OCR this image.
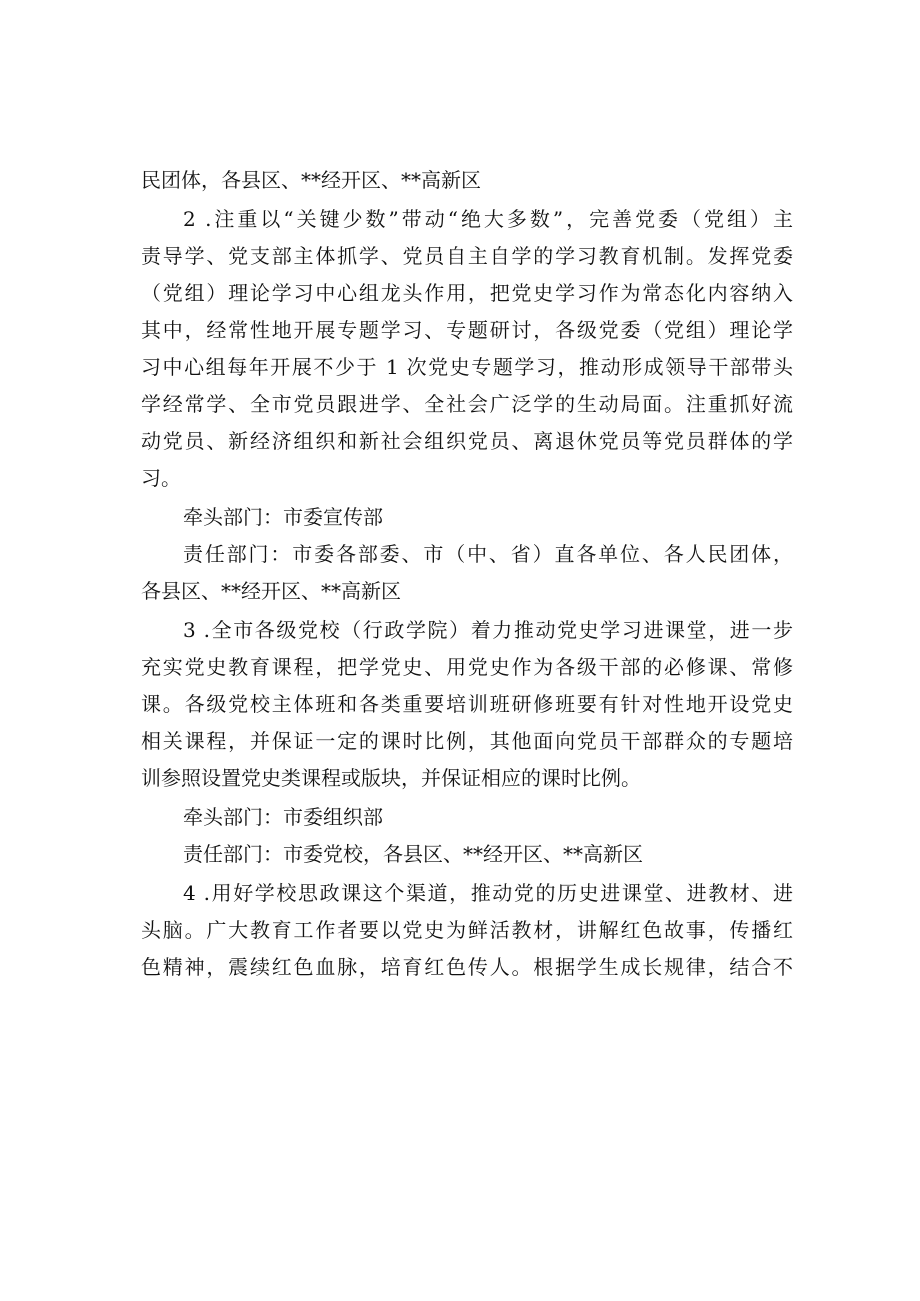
民团体，各县区、**经开区、**高新区
2 .注重以“关键少数”带动“绝大多数”，完善党委（党组）主
责导学、党支部主体抓学、党员自主自学的学习教育机制。发挥党委
（党组）理论学习中心组龙头作用，把党史学习作为常态化内容纳入
其中，经常性地开展专题学习、专题研讨，各级党委（党组）理论学
习中心组每年开展不少于 1 次党史专题学习，推动形成领导干部带头
学经常学、全市党员跟进学、全社会广泛学的生动局面。注重抓好流
动党员、新经济组织和新社会组织党员、离退休党员等党员群体的学
习。
牵头部门：市委宣传部
责任部门：市委各部委、市（中、省）直各单位、各人民团体，
各县区、**经开区、**高新区
3 .全市各级党校（行政学院）着力推动党史学习进课堂，进一步
充实党史教育课程，把学党史、用党史作为各级干部的必修课、常修
课。各级党校主体班和各类重要培训班研修班要有针对性地开设党史
相关课程，并保证一定的课时比例，其他面向党员干部群众的专题培
训参照设置党史类课程或版块，并保证相应的课时比例。
牵头部门：市委组织部
责任部门：市委党校，各县区、**经开区、**高新区
4 .用好学校思政课这个渠道，推动党的历史进课堂、进教材、进
头脑。广大教育工作者要以党史为鲜活教材，讲解红色故事，传播红
色精神，震续红色血脉，培育红色传人。根据学生成长规律，结合不
